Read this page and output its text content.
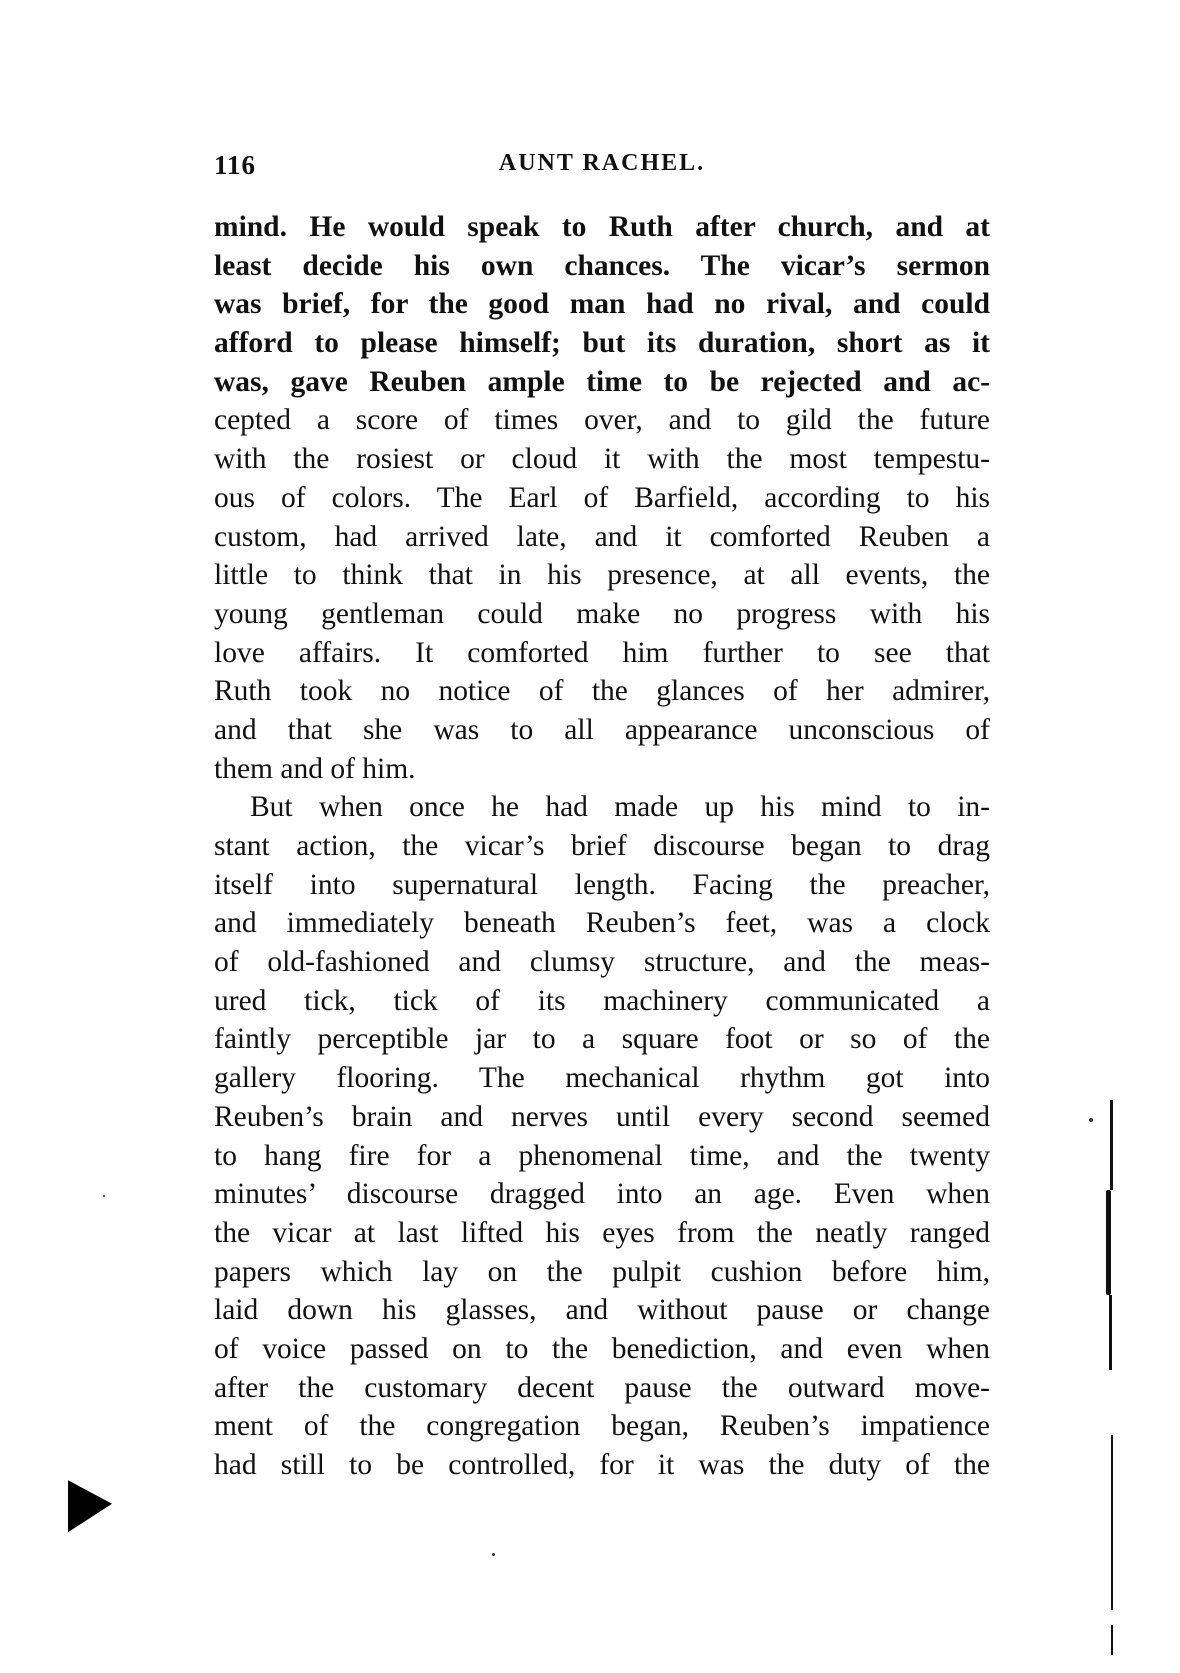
116	AUNT RACHEL.
mind. He would speak to Ruth after church, and at
least decide his own chances. The vicar’s sermon
was brief, for the good man had no rival, and could
afford to please himself; but its duration, short as it
was, gave Reuben ample time to be rejected and ac-
cepted a score of times over, and to gild the future
with the rosiest or cloud it with the most tempestu-
ous of colors. The Earl of Barfield, according to his
custom, had arrived late, and it comforted Reuben a
little to think that in his presence, at all events, the
young gentleman could make no progress with his
love affairs. It comforted him further to see that
Ruth took no notice of the glances of her admirer,
and that she was to all appearance unconscious of
them and of him.
But when once he had made up his mind to in-
stant action, the vicar’s brief discourse began to drag
itself into supernatural length. Facing the preacher,
and immediately beneath Reuben’s feet, was a clock
of old-fashioned and clumsy structure, and the meas-
ured tick, tick of its machinery communicated a
faintly perceptible jar to a square foot or so of the
gallery flooring. The mechanical rhythm got into
Reuben’s brain and nerves until every second seemed
to hang fire for a phenomenal time, and the twenty
minutes’ discourse dragged into an age. Even when
the vicar at last lifted his eyes from the neatly ranged
papers which lay on the pulpit cushion before him,
laid down his glasses, and without pause or change
of voice passed on to the benediction, and even when
after the customary decent pause the outward move-
ment of the congregation began, Reuben’s impatience
had still to be controlled, for it was the duty of the
